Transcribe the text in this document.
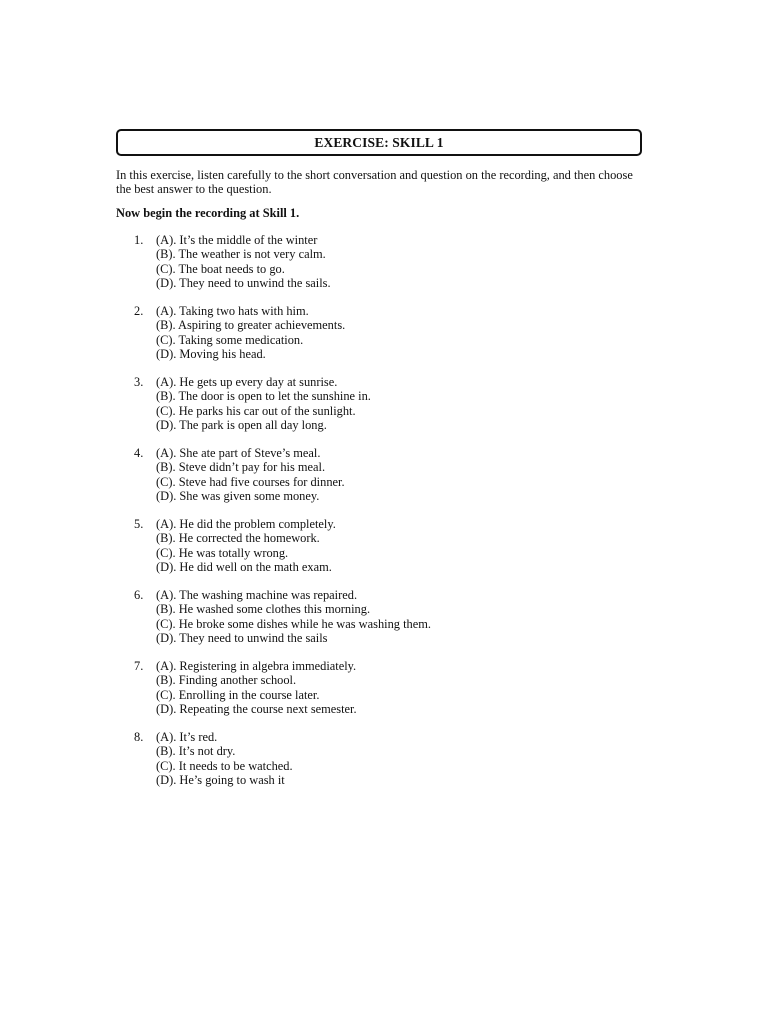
EXERCISE: SKILL 1
In this exercise, listen carefully to the short conversation and question on the recording, and then choose the best answer to the question.
Now begin the recording at Skill 1.
1.	(A). It’s the middle of the winter
(B). The weather is not very calm.
(C). The boat needs to go.
(D). They need to unwind the sails.
2.	(A). Taking two hats with him.
(B). Aspiring to greater achievements.
(C). Taking some medication.
(D). Moving his head.
3.	(A). He gets up every day at sunrise.
(B). The door is open to let the sunshine in.
(C). He parks his car out of the sunlight.
(D). The park is open all day long.
4.	(A). She ate part of Steve’s meal.
(B). Steve didn’t pay for his meal.
(C). Steve had five courses for dinner.
(D). She was given some money.
5.	(A). He did the problem completely.
(B). He corrected the homework.
(C). He was totally wrong.
(D). He did well on the math exam.
6.	(A). The washing machine was repaired.
(B). He washed some clothes this morning.
(C). He broke some dishes while he was washing them.
(D). They need to unwind the sails
7.	(A). Registering in algebra immediately.
(B). Finding another school.
(C). Enrolling in the course later.
(D). Repeating the course next semester.
8.	(A). It’s red.
(B). It’s not dry.
(C). It needs to be watched.
(D). He’s going to wash it
